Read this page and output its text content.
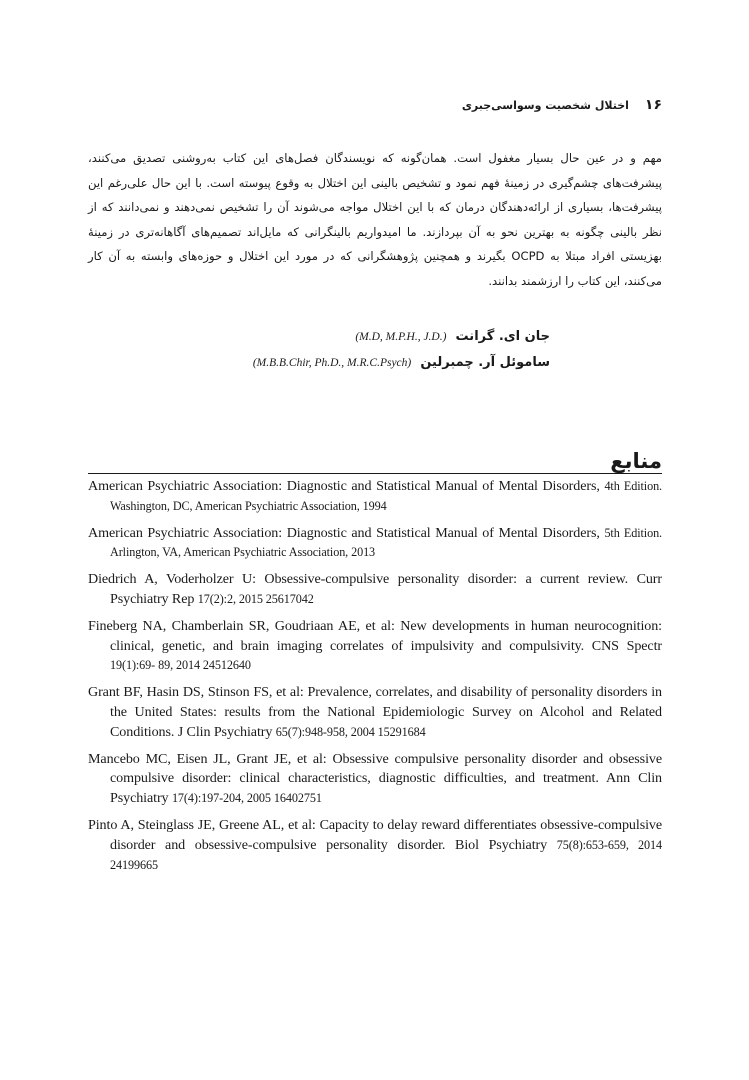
۱۶
اختلال شخصیت وسواسی‌جبری

مهم و در عین حال بسیار مغفول است. همان‌گونه که نویسندگان فصل‌های این کتاب به‌روشنی تصدیق می‌کنند، پیشرفت‌های چشم‌گیری در زمینهٔ فهم نمود و تشخیص بالینی این اختلال به وقوع پیوسته است. با این حال علی‌رغم این پیشرفت‌ها، بسیاری از ارائه‌دهندگان درمان که با این اختلال مواجه می‌شوند آن را تشخیص نمی‌دهند و نمی‌دانند که از نظر بالینی چگونه به بهترین نحو به آن بپردازند. ما امیدواریم بالینگرانی که مایل‌اند تصمیم‌های آگاهانه‌تری در زمینهٔ بهزیستی افراد مبتلا به OCPD بگیرند و همچنین پژوهشگرانی که در مورد این اختلال و حوزه‌های وابسته به آن کار می‌کنند، این کتاب را ارزشمند بدانند.

جان ای. گرانت (M.D, M.P.H., J.D.)
ساموئل آر. چمبرلین (M.B.B.Chir, Ph.D., M.R.C.Psych)
منابع
American Psychiatric Association: Diagnostic and Statistical Manual of Mental Disorders, 4th Edition. Washington, DC, American Psychiatric Association, 1994
American Psychiatric Association: Diagnostic and Statistical Manual of Mental Disorders, 5th Edition. Arlington, VA, American Psychiatric Association, 2013
Diedrich A, Voderholzer U: Obsessive-compulsive personality disorder: a current review. Curr Psychiatry Rep 17(2):2, 2015 25617042
Fineberg NA, Chamberlain SR, Goudriaan AE, et al: New developments in human neurocognition: clinical, genetic, and brain imaging correlates of impulsivity and compulsivity. CNS Spectr 19(1):69- 89, 2014 24512640
Grant BF, Hasin DS, Stinson FS, et al: Prevalence, correlates, and disability of personality disorders in the United States: results from the National Epidemiologic Survey on Alcohol and Related Conditions. J Clin Psychiatry 65(7):948-958, 2004 15291684
Mancebo MC, Eisen JL, Grant JE, et al: Obsessive compulsive personality disorder and obsessive compulsive disorder: clinical characteristics, diagnostic difficulties, and treatment. Ann Clin Psychiatry 17(4):197-204, 2005 16402751
Pinto A, Steinglass JE, Greene AL, et al: Capacity to delay reward differentiates obsessive-compulsive disorder and obsessive-compulsive personality disorder. Biol Psychiatry 75(8):653-659, 2014 24199665
